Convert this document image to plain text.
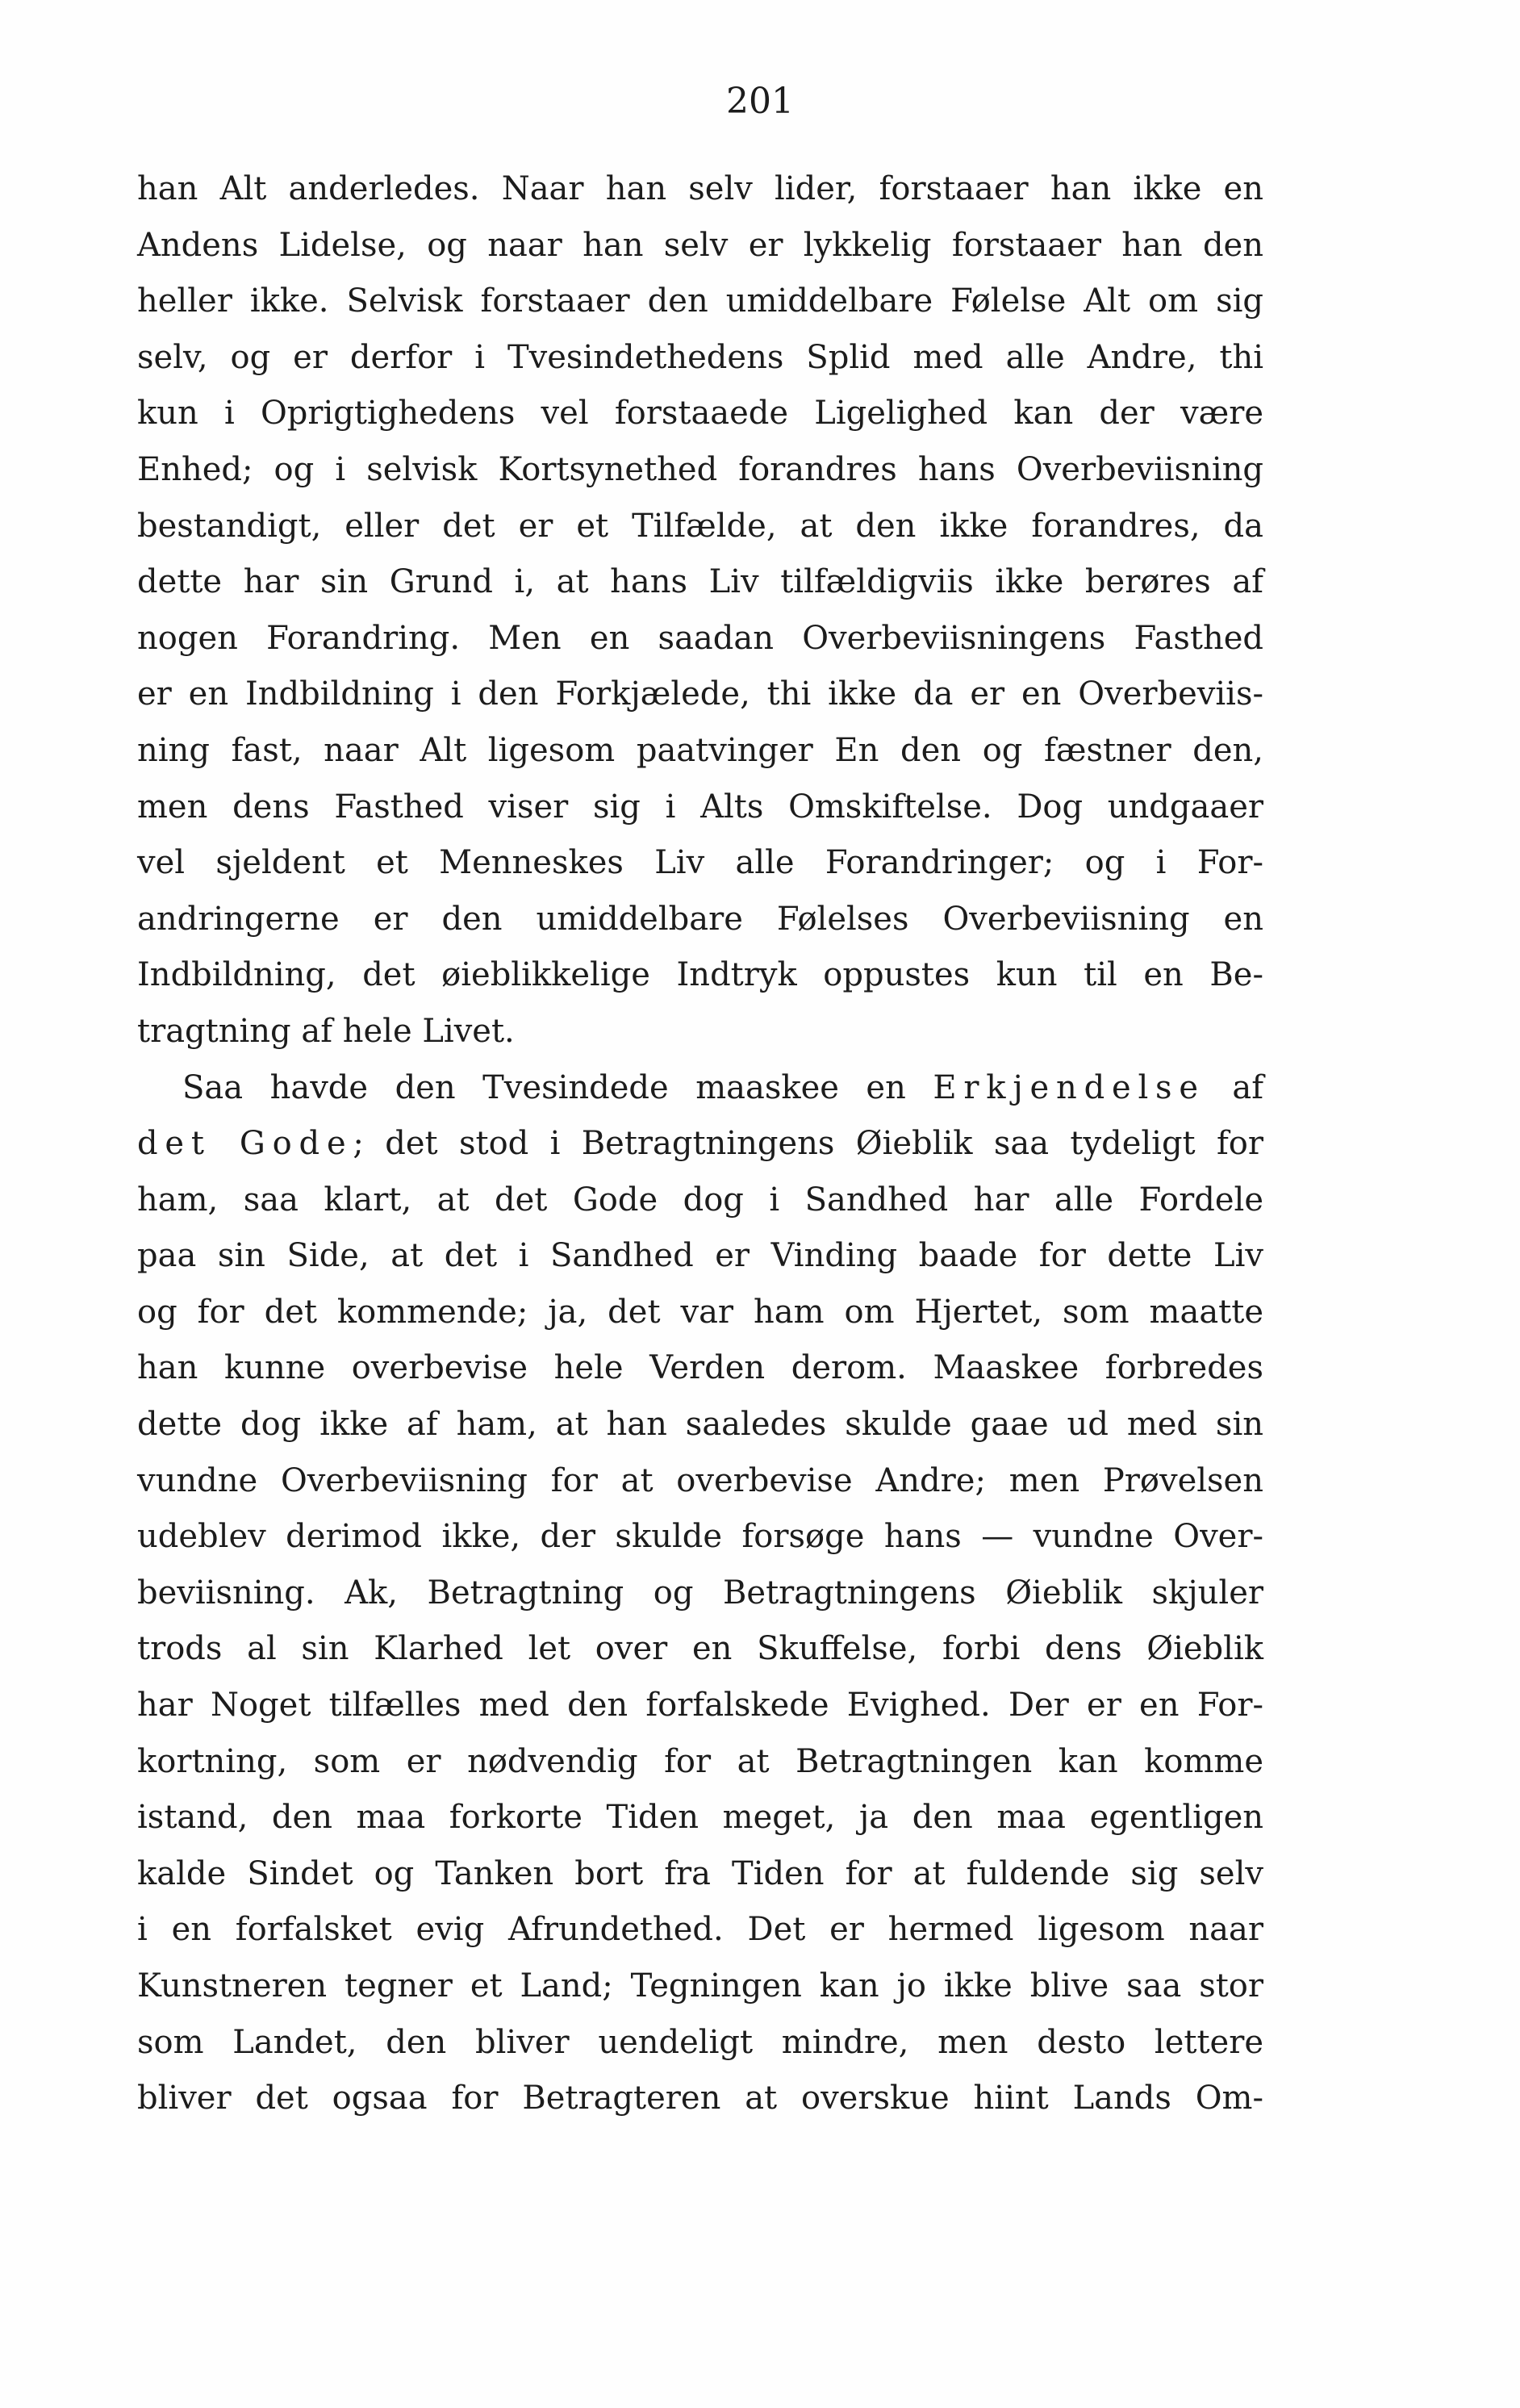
201
han Alt anderledes. Naar han selv lider, forstaaer han ikke en
Andens Lidelse, og naar han selv er lykkelig forstaaer han den
heller ikke. Selvisk forstaaer den umiddelbare Følelse Alt om sig
selv, og er derfor i Tvesindethedens Splid med alle Andre, thi
kun i Oprigtighedens vel forstaaede Ligelighed kan der være
Enhed; og i selvisk Kortsynethed forandres hans Overbeviisning
bestandigt, eller det er et Tilfælde, at den ikke forandres, da
dette har sin Grund i, at hans Liv tilfældigviis ikke berøres af
nogen Forandring. Men en saadan Overbeviisningens Fasthed
er en Indbildning i den Forkjælede, thi ikke da er en Overbeviis-
ning fast, naar Alt ligesom paatvinger En den og fæstner den,
men dens Fasthed viser sig i Alts Omskiftelse. Dog undgaaer
vel sjeldent et Menneskes Liv alle Forandringer; og i For-
andringerne er den umiddelbare Følelses Overbeviisning en
Indbildning, det øieblikkelige Indtryk oppustes kun til en Be-
tragtning af hele Livet.
Saa havde den Tvesindede maaskee en Erkjendelse af
det Gode; det stod i Betragtningens Øieblik saa tydeligt for
ham, saa klart, at det Gode dog i Sandhed har alle Fordele
paa sin Side, at det i Sandhed er Vinding baade for dette Liv
og for det kommende; ja, det var ham om Hjertet, som maatte
han kunne overbevise hele Verden derom. Maaskee forbredes
dette dog ikke af ham, at han saaledes skulde gaae ud med sin
vundne Overbeviisning for at overbevise Andre; men Prøvelsen
udeblev derimod ikke, der skulde forsøge hans — vundne Over-
beviisning. Ak, Betragtning og Betragtningens Øieblik skjuler
trods al sin Klarhed let over en Skuffelse, forbi dens Øieblik
har Noget tilfælles med den forfalskede Evighed. Der er en For-
kortning, som er nødvendig for at Betragtningen kan komme
istand, den maa forkorte Tiden meget, ja den maa egentligen
kalde Sindet og Tanken bort fra Tiden for at fuldende sig selv
i en forfalsket evig Afrundethed. Det er hermed ligesom naar
Kunstneren tegner et Land; Tegningen kan jo ikke blive saa stor
som Landet, den bliver uendeligt mindre, men desto lettere
bliver det ogsaa for Betragteren at overskue hiint Lands Om-
